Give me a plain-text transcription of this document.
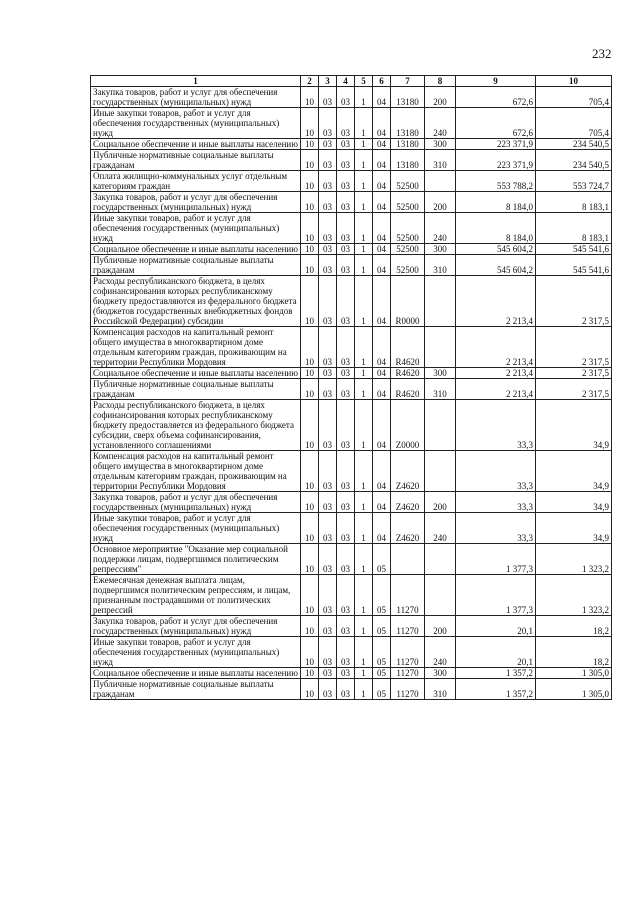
232
1	2	3	4	5	6	7	8	9	10
Закупка товаров, работ и услуг для обеспечения государственных (муниципальных) нужд	10	03	03	1	04	13180	200	672,6	705,4
Иные закупки товаров, работ и услуг для обеспечения государственных (муниципальных) нужд	10	03	03	1	04	13180	240	672,6	705,4
Социальное обеспечение и иные выплаты населению	10	03	03	1	04	13180	300	223 371,9	234 540,5
Публичные нормативные социальные выплаты гражданам	10	03	03	1	04	13180	310	223 371,9	234 540,5
Оплата жилищно-коммунальных услуг отдельным категориям граждан	10	03	03	1	04	52500		553 788,2	553 724,7
Закупка товаров, работ и услуг для обеспечения государственных (муниципальных) нужд	10	03	03	1	04	52500	200	8 184,0	8 183,1
Иные закупки товаров, работ и услуг для обеспечения государственных (муниципальных) нужд	10	03	03	1	04	52500	240	8 184,0	8 183,1
Социальное обеспечение и иные выплаты населению	10	03	03	1	04	52500	300	545 604,2	545 541,6
Публичные нормативные социальные выплаты гражданам	10	03	03	1	04	52500	310	545 604,2	545 541,6
Расходы республиканского бюджета, в целях софинансирования которых республиканскому бюджету предоставляются из федерального бюджета (бюджетов государственных внебюджетных фондов Российской Федерации) субсидии	10	03	03	1	04	R0000		2 213,4	2 317,5
Компенсация расходов на капитальный ремонт общего имущества в многоквартирном доме отдельным категориям граждан, проживающим на территории Республики Мордовия	10	03	03	1	04	R4620		2 213,4	2 317,5
Социальное обеспечение и иные выплаты населению	10	03	03	1	04	R4620	300	2 213,4	2 317,5
Публичные нормативные социальные выплаты гражданам	10	03	03	1	04	R4620	310	2 213,4	2 317,5
Расходы республиканского бюджета, в целях софинансирования которых республиканскому бюджету предоставляется из федерального бюджета субсидии, сверх объема софинансирования, установленного соглашениями	10	03	03	1	04	Z0000		33,3	34,9
Компенсация расходов на капитальный ремонт общего имущества в многоквартирном доме отдельным категориям граждан, проживающим на территории Республики Мордовия	10	03	03	1	04	Z4620		33,3	34,9
Закупка товаров, работ и услуг для обеспечения государственных (муниципальных) нужд	10	03	03	1	04	Z4620	200	33,3	34,9
Иные закупки товаров, работ и услуг для обеспечения государственных (муниципальных) нужд	10	03	03	1	04	Z4620	240	33,3	34,9
Основное мероприятие "Оказание мер социальной поддержки лицам, подвергшимся политическим репрессиям"	10	03	03	1	05			1 377,3	1 323,2
Ежемесячная денежная выплата лицам, подвергшимся политическим репрессиям, и лицам, признанным пострадавшими от политических репрессий	10	03	03	1	05	11270		1 377,3	1 323,2
Закупка товаров, работ и услуг для обеспечения государственных (муниципальных) нужд	10	03	03	1	05	11270	200	20,1	18,2
Иные закупки товаров, работ и услуг для обеспечения государственных (муниципальных) нужд	10	03	03	1	05	11270	240	20,1	18,2
Социальное обеспечение и иные выплаты населению	10	03	03	1	05	11270	300	1 357,2	1 305,0
Публичные нормативные социальные выплаты гражданам	10	03	03	1	05	11270	310	1 357,2	1 305,0
